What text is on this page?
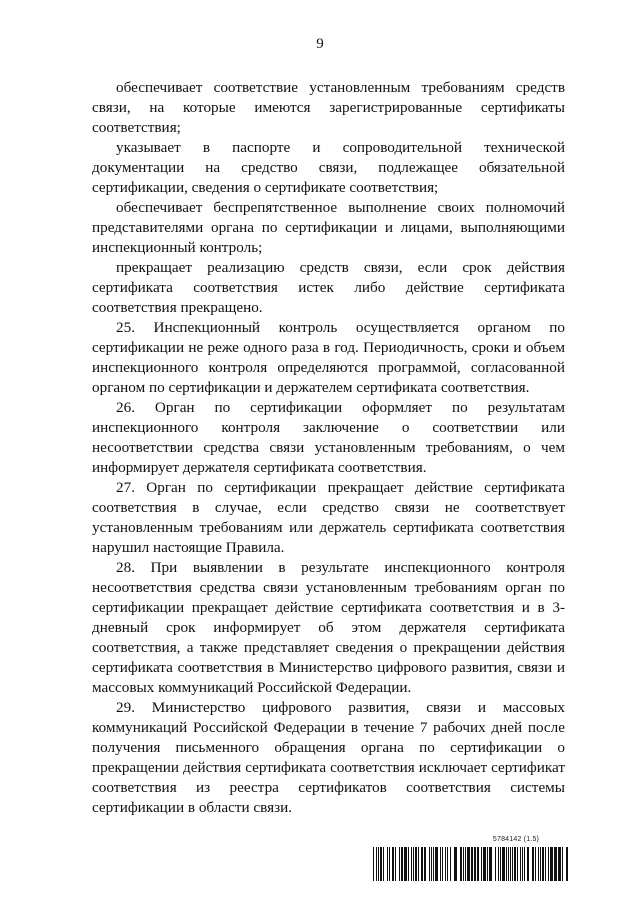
9

обеспечивает соответствие установленным требованиям средств связи, на которые имеются зарегистрированные сертификаты соответствия;

указывает в паспорте и сопроводительной технической документации на средство связи, подлежащее обязательной сертификации, сведения о сертификате соответствия;

обеспечивает беспрепятственное выполнение своих полномочий представителями органа по сертификации и лицами, выполняющими инспекционный контроль;

прекращает реализацию средств связи, если срок действия сертификата соответствия истек либо действие сертификата соответствия прекращено.

25. Инспекционный контроль осуществляется органом по сертификации не реже одного раза в год. Периодичность, сроки и объем инспекционного контроля определяются программой, согласованной органом по сертификации и держателем сертификата соответствия.

26. Орган по сертификации оформляет по результатам инспекционного контроля заключение о соответствии или несоответствии средства связи установленным требованиям, о чем информирует держателя сертификата соответствия.

27. Орган по сертификации прекращает действие сертификата соответствия в случае, если средство связи не соответствует установленным требованиям или держатель сертификата соответствия нарушил настоящие Правила.

28. При выявлении в результате инспекционного контроля несоответствия средства связи установленным требованиям орган по сертификации прекращает действие сертификата соответствия и в 3-дневный срок информирует об этом держателя сертификата соответствия, а также представляет сведения о прекращении действия сертификата соответствия в Министерство цифрового развития, связи и массовых коммуникаций Российской Федерации.

29. Министерство цифрового развития, связи и массовых коммуникаций Российской Федерации в течение 7 рабочих дней после получения письменного обращения органа по сертификации о прекращении действия сертификата соответствия исключает сертификат соответствия из реестра сертификатов соответствия системы сертификации в области связи.

5784142 (1.5)
